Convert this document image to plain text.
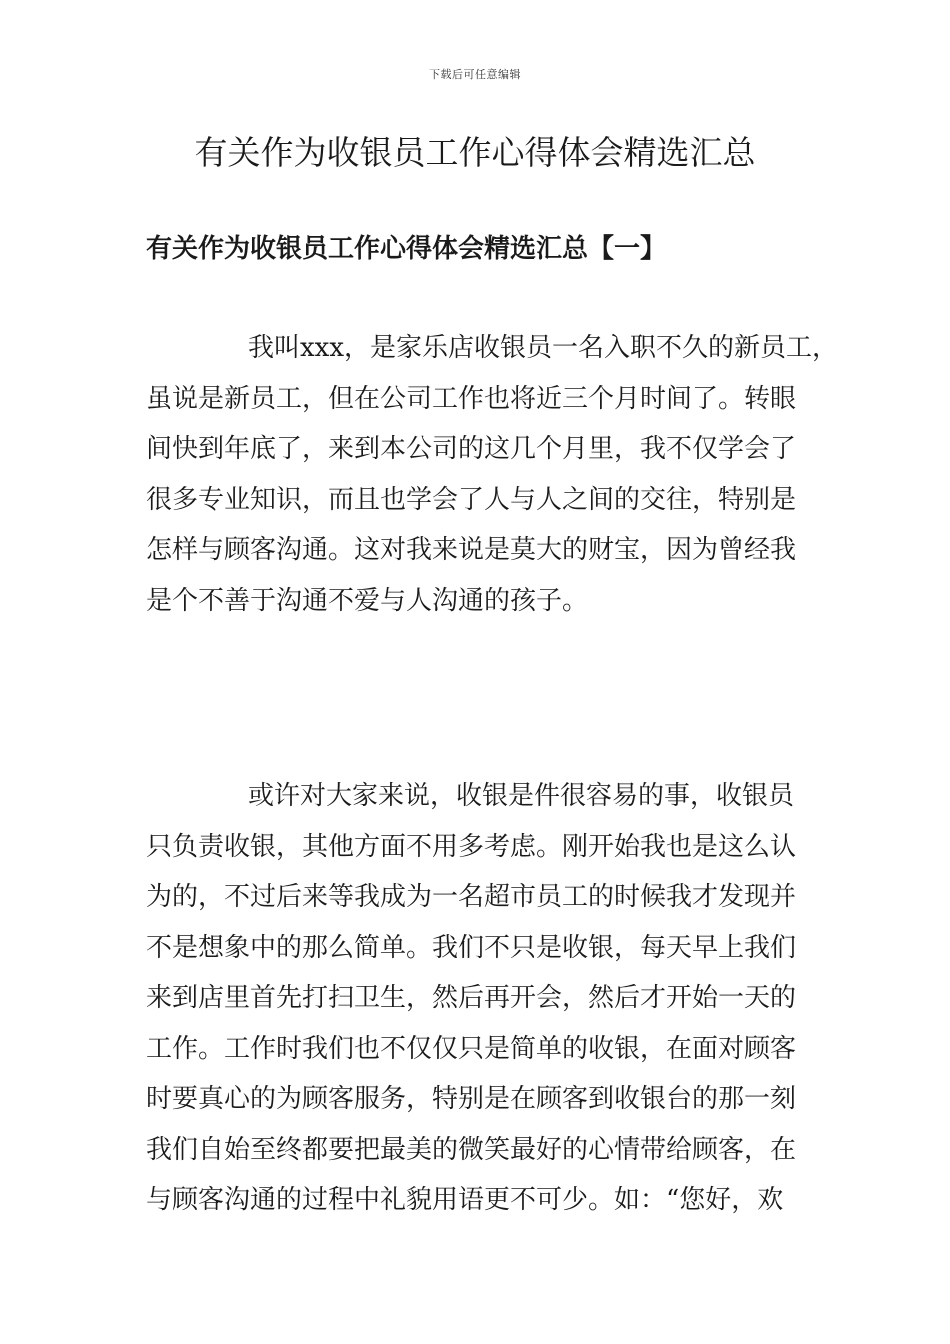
下载后可任意编辑
有关作为收银员工作心得体会精选汇总
有关作为收银员工作心得体会精选汇总【一】
我叫xxx，是家乐店收银员一名入职不久的新员工，
虽说是新员工，但在公司工作也将近三个月时间了。转眼
间快到年底了，来到本公司的这几个月里，我不仅学会了
很多专业知识，而且也学会了人与人之间的交往，特别是
怎样与顾客沟通。这对我来说是莫大的财宝，因为曾经我
是个不善于沟通不爱与人沟通的孩子。
或许对大家来说，收银是件很容易的事，收银员
只负责收银，其他方面不用多考虑。刚开始我也是这么认
为的，不过后来等我成为一名超市员工的时候我才发现并
不是想象中的那么简单。我们不只是收银，每天早上我们
来到店里首先打扫卫生，然后再开会，然后才开始一天的
工作。工作时我们也不仅仅只是简单的收银，在面对顾客
时要真心的为顾客服务，特别是在顾客到收银台的那一刻
我们自始至终都要把最美的微笑最好的心情带给顾客，在
与顾客沟通的过程中礼貌用语更不可少。如：“您好，欢
